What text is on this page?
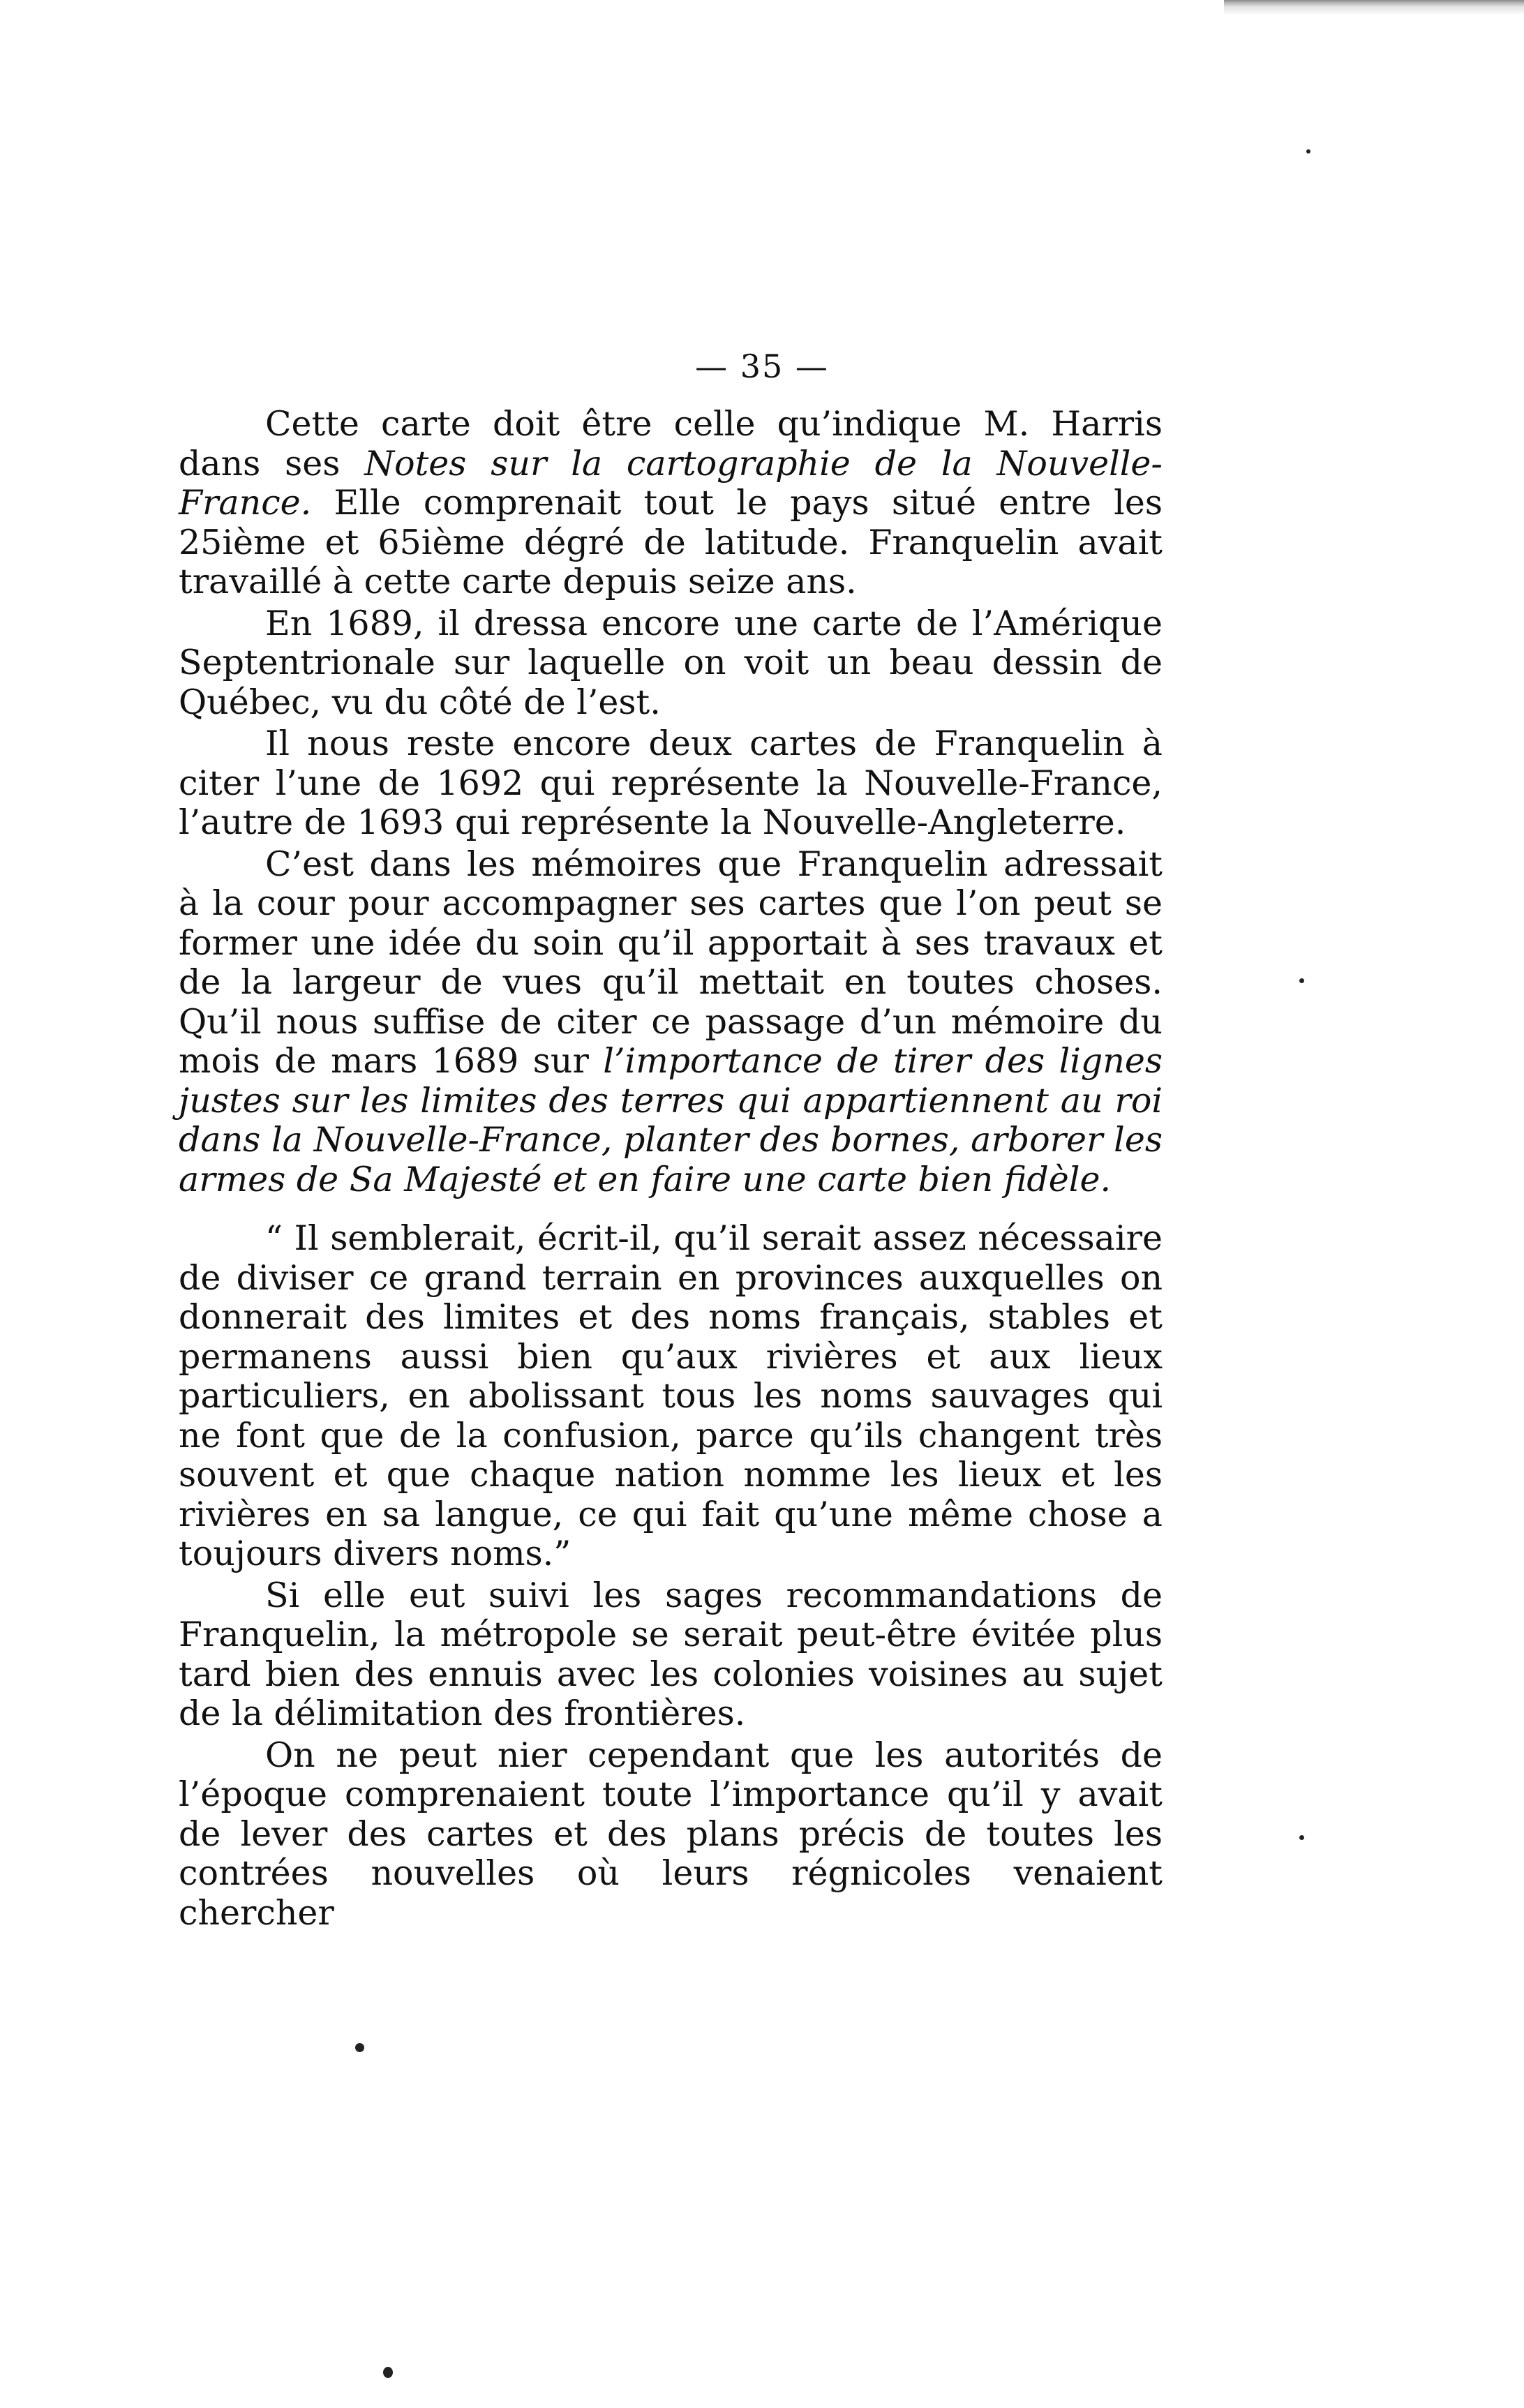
— 35 —

Cette carte doit être celle qu’indique M. Harris dans ses Notes sur la cartographie de la Nouvelle-France. Elle comprenait tout le pays situé entre les 25ième et 65ième dégré de latitude. Franquelin avait travaillé à cette carte depuis seize ans.

En 1689, il dressa encore une carte de l’Amérique Septentrionale sur laquelle on voit un beau dessin de Québec, vu du côté de l’est.

Il nous reste encore deux cartes de Franquelin à citer l’une de 1692 qui représente la Nouvelle-France, l’autre de 1693 qui représente la Nouvelle-Angleterre.

C’est dans les mémoires que Franquelin adressait à la cour pour accompagner ses cartes que l’on peut se former une idée du soin qu’il apportait à ses travaux et de la largeur de vues qu’il mettait en toutes choses. Qu’il nous suffise de citer ce passage d’un mémoire du mois de mars 1689 sur l’importance de tirer des lignes justes sur les limites des terres qui appartiennent au roi dans la Nouvelle-France, planter des bornes, arborer les armes de Sa Majesté et en faire une carte bien fidèle.

“ Il semblerait, écrit-il, qu’il serait assez nécessaire de diviser ce grand terrain en provinces auxquelles on donnerait des limites et des noms français, stables et permanens aussi bien qu’aux rivières et aux lieux particuliers, en abolissant tous les noms sauvages qui ne font que de la confusion, parce qu’ils changent très souvent et que chaque nation nomme les lieux et les rivières en sa langue, ce qui fait qu’une même chose a toujours divers noms.”

Si elle eut suivi les sages recommandations de Franquelin, la métropole se serait peut-être évitée plus tard bien des ennuis avec les colonies voisines au sujet de la délimitation des frontières.

On ne peut nier cependant que les autorités de l’époque comprenaient toute l’importance qu’il y avait de lever des cartes et des plans précis de toutes les contrées nouvelles où leurs régnicoles venaient chercher
